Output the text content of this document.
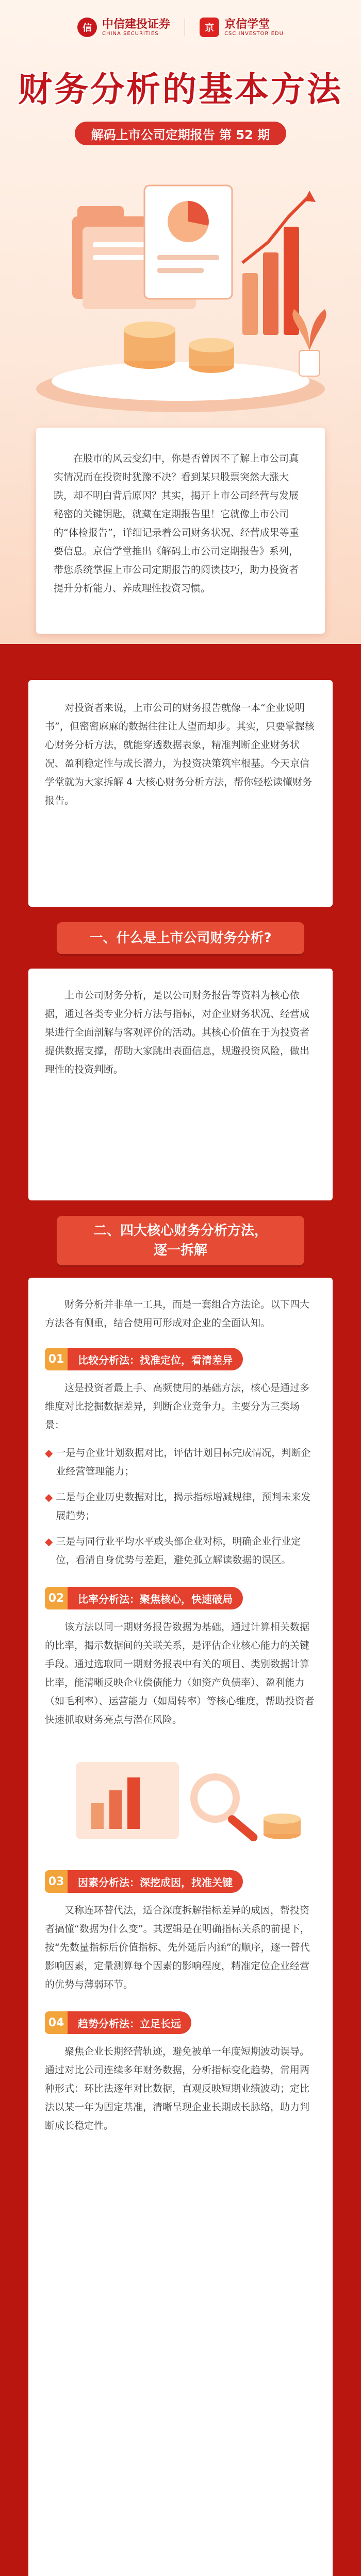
信 中信建投证券
CHINA SECURITIES	京 京信学堂
CSC INVESTOR EDU
财务分析的基本方法
解码上市公司定期报告 第 52 期

在股市的风云变幻中，你是否曾因不了解上市公司真实情况而在投资时犹豫不决？看到某只股票突然大涨大跌，却不明白背后原因？其实，揭开上市公司经营与发展秘密的关键钥匙，就藏在定期报告里！它就像上市公司的“体检报告”，详细记录着公司财务状况、经营成果等重要信息。京信学堂推出《解码上市公司定期报告》系列，带您系统掌握上市公司定期报告的阅读技巧，助力投资者提升分析能力、养成理性投资习惯。

对投资者来说，上市公司的财务报告就像一本“企业说明书”，但密密麻麻的数据往往让人望而却步。其实，只要掌握核心财务分析方法，就能穿透数据表象，精准判断企业财务状况、盈利稳定性与成长潜力，为投资决策筑牢根基。今天京信学堂就为大家拆解 4 大核心财务分析方法，帮你轻松读懂财务报告。

一、什么是上市公司财务分析?

上市公司财务分析，是以公司财务报告等资料为核心依据，通过各类专业分析方法与指标，对企业财务状况、经营成果进行全面剖解与客观评价的活动。其核心价值在于为投资者提供数据支撑，帮助大家跳出表面信息，规避投资风险，做出理性的投资判断。

二、四大核心财务分析方法，
逐一拆解

财务分析并非单一工具，而是一套组合方法论。以下四大方法各有侧重，结合使用可形成对企业的全面认知。

01	比较分析法：找准定位，看清差异

这是投资者最上手、高频使用的基础方法，核心是通过多维度对比挖掘数据差异，判断企业竞争力。主要分为三类场景：

◆ 一是与企业计划数据对比，评估计划目标完成情况，判断企业经营管理能力；

◆ 二是与企业历史数据对比，揭示指标增减规律，预判未来发展趋势；

◆ 三是与同行业平均水平或头部企业对标，明确企业行业定位，看清自身优势与差距，避免孤立解读数据的误区。

02	比率分析法：聚焦核心，快速破局

该方法以同一期财务报告数据为基础，通过计算相关数据的比率，揭示数据间的关联关系，是评估企业核心能力的关键手段。通过选取同一期财务报表中有关的项目、类别数据计算比率，能清晰反映企业偿债能力（如资产负债率）、盈利能力（如毛利率）、运营能力（如周转率）等核心维度，帮助投资者快速抓取财务亮点与潜在风险。

03	因素分析法：深挖成因，找准关键

又称连环替代法，适合深度拆解指标差异的成因，帮投资者搞懂“数据为什么变”。其逻辑是在明确指标关系的前提下，按“先数量指标后价值指标、先外延后内涵”的顺序，逐一替代影响因素，定量测算每个因素的影响程度，精准定位企业经营的优势与薄弱环节。

04	趋势分析法：立足长远

聚焦企业长期经营轨迹，避免被单一年度短期波动误导。通过对比公司连续多年财务数据，分析指标变化趋势，常用两种形式：环比法逐年对比数据，直观反映短期业绩波动；定比法以某一年为固定基准，清晰呈现企业长期成长脉络，助力判断成长稳定性。
